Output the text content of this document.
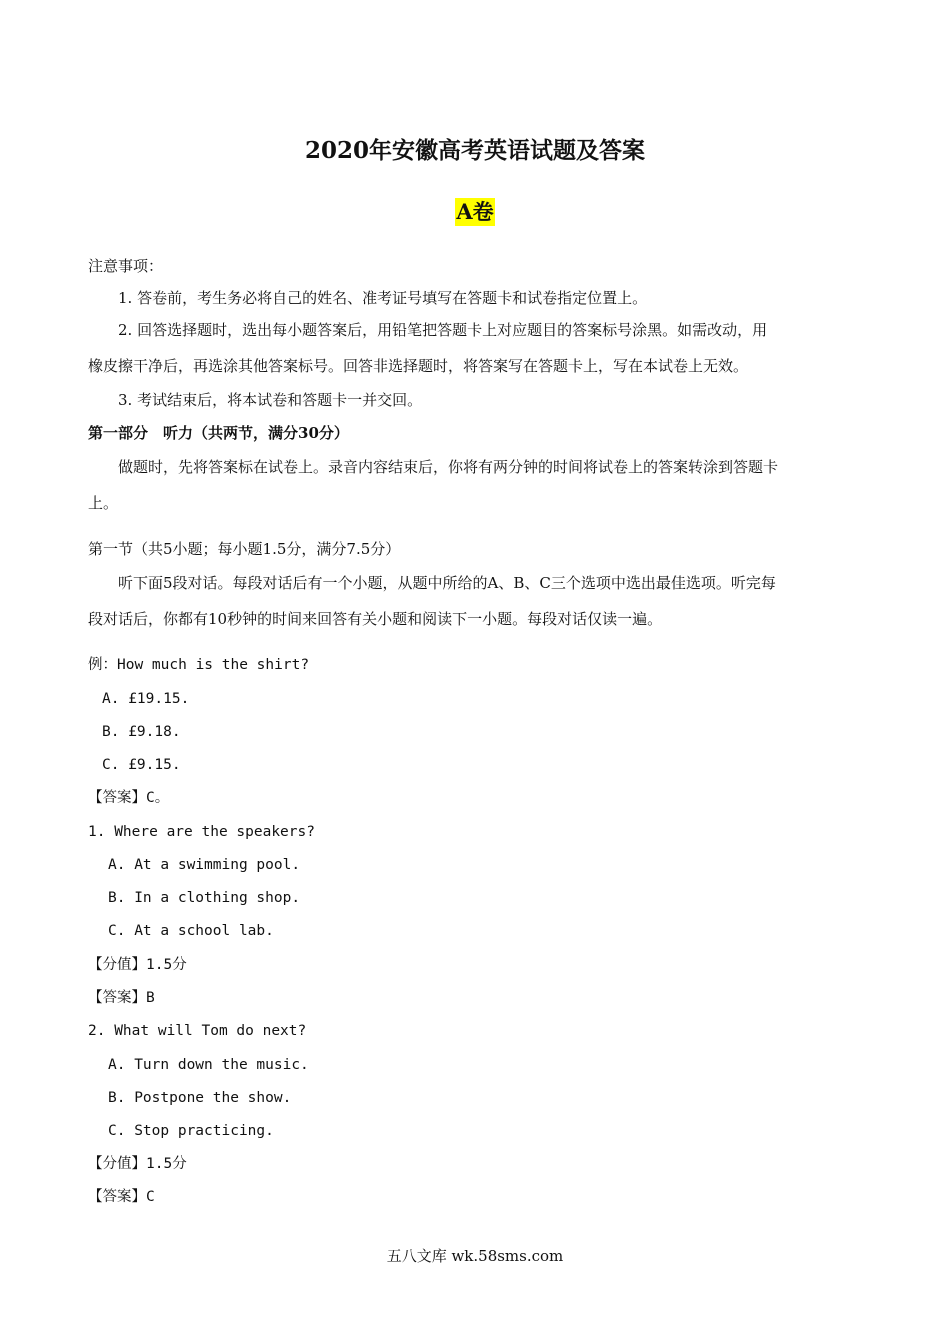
2020年安徽高考英语试题及答案
A卷
注意事项：
1. 答卷前，考生务必将自己的姓名、准考证号填写在答题卡和试卷指定位置上。
2. 回答选择题时，选出每小题答案后，用铅笔把答题卡上对应题目的答案标号涂黑。如需改动，用
橡皮擦干净后，再选涂其他答案标号。回答非选择题时，将答案写在答题卡上，写在本试卷上无效。
3. 考试结束后，将本试卷和答题卡一并交回。
第一部分　听力（共两节，满分30分）
做题时，先将答案标在试卷上。录音内容结束后，你将有两分钟的时间将试卷上的答案转涂到答题卡
上。
第一节（共5小题；每小题1.5分，满分7.5分）
听下面5段对话。每段对话后有一个小题，从题中所给的A、B、C三个选项中选出最佳选项。听完每
段对话后，你都有10秒钟的时间来回答有关小题和阅读下一小题。每段对话仅读一遍。
例：How much is the shirt?
A. £19.15.
B. £9.18.
C. £9.15.
【答案】C。
1. Where are the speakers?
A. At a swimming pool.
B. In a clothing shop.
C. At a school lab.
【分值】1.5分
【答案】B
2. What will Tom do next?
A. Turn down the music.
B. Postpone the show.
C. Stop practicing.
【分值】1.5分
【答案】C
五八文库 wk.58sms.com
